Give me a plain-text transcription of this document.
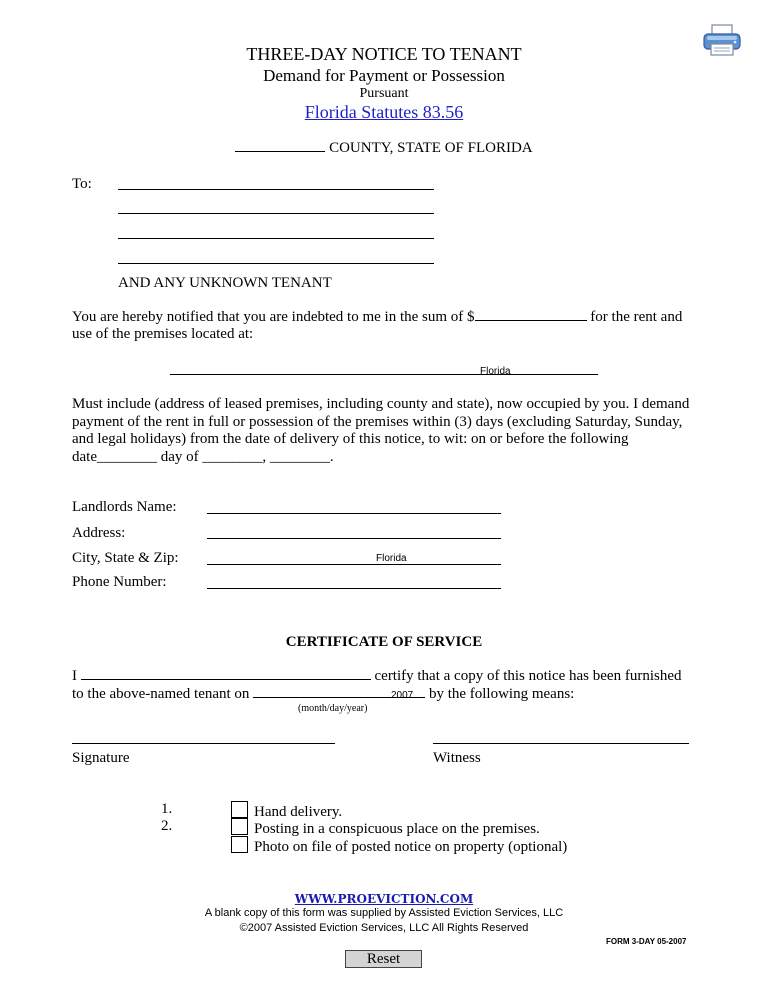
THREE-DAY NOTICE TO TENANT
Demand for Payment or Possession
Pursuant
Florida Statutes 83.56
COUNTY, STATE OF FLORIDA
To:
AND ANY UNKNOWN TENANT
You are hereby notified that you are indebted to me in the sum of $	for the rent and
use of the premises located at:
Florida
Must include (address of leased premises, including county and state), now occupied by you. I demand payment of the rent in full or possession of the premises within (3) days (excluding Saturday, Sunday, and legal holidays) from the date of delivery of this notice, to wit: on or before the following date________ day of ________, ________.
Landlords Name:
Address:
City, State & Zip:	Florida
Phone Number:
CERTIFICATE OF SERVICE
I	certify that a copy of this notice has been furnished
to the above-named tenant on	by the following means:
2007
(month/day/year)
Signature	Witness
1.	Hand delivery.
2.	Posting in a conspicuous place on the premises.
Photo on file of posted notice on property (optional)
WWW.PROEVICTION.COM
A blank copy of this form was supplied by Assisted Eviction Services, LLC
©2007 Assisted Eviction Services, LLC All Rights Reserved
FORM 3-DAY 05-2007
Reset
